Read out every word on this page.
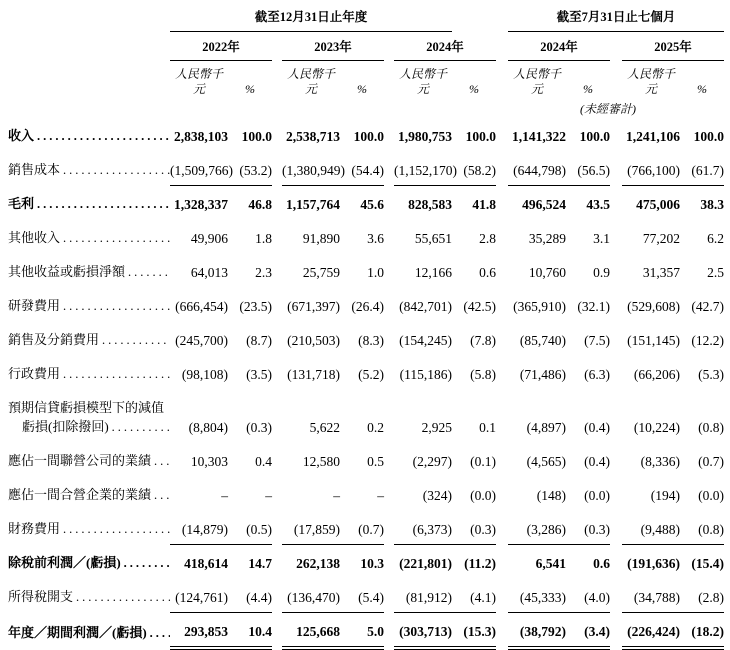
	截至12月31日止年度									截至7月31日止七個月				

	2022年			2023年			2024年			2024年			2025年	
	人民幣千元	%		人民幣千元	%		人民幣千元	%		人民幣千元	%		人民幣千元	%
										(未經審計)				

收入
.....	2,838,103	100.0		2,538,713	100.0		1,980,753	100.0		1,141,322	100.0		1,241,106	100.0

銷售成本
.....	(1,509,766)	(53.2)		(1,380,949)	(54.4)		(1,152,170)	(58.2)		(644,798)	(56.5)		(766,100)	(61.7)

毛利
.....	1,328,337	46.8		1,157,764	45.6		828,583	41.8		496,524	43.5		475,006	38.3

其他收入
.....	49,906	1.8		91,890	3.6		55,651	2.8		35,289	3.1		77,202	6.2

其他收益或虧損淨額
.....	64,013	2.3		25,759	1.0		12,166	0.6		10,760	0.9		31,357	2.5

研發費用
.....	(666,454)	(23.5)		(671,397)	(26.4)		(842,701)	(42.5)		(365,910)	(32.1)		(529,608)	(42.7)

銷售及分銷費用
.....	(245,700)	(8.7)		(210,503)	(8.3)		(154,245)	(7.8)		(85,740)	(7.5)		(151,145)	(12.2)

行政費用
.....	(98,108)	(3.5)		(131,718)	(5.2)		(115,186)	(5.8)		(71,486)	(6.3)		(66,206)	(5.3)

預期信貸虧損模型下的減值														

虧損(扣除撥回)
.....	(8,804)	(0.3)		5,622	0.2		2,925	0.1		(4,897)	(0.4)		(10,224)	(0.8)

應佔一間聯營公司的業績
.....	10,303	0.4		12,580	0.5		(2,297)	(0.1)		(4,565)	(0.4)		(8,336)	(0.7)

應佔一間合營企業的業績
.....	–	–		–	–		(324)	(0.0)		(148)	(0.0)		(194)	(0.0)

財務費用
.....	(14,879)	(0.5)		(17,859)	(0.7)		(6,373)	(0.3)		(3,286)	(0.3)		(9,488)	(0.8)

除稅前利潤／(虧損)
.....	418,614	14.7		262,138	10.3		(221,801)	(11.2)		6,541	0.6		(191,636)	(15.4)

所得稅開支
.....	(124,761)	(4.4)		(136,470)	(5.4)		(81,912)	(4.1)		(45,333)	(4.0)		(34,788)	(2.8)

年度／期間利潤／(虧損)
.....	293,853	10.4		125,668	5.0		(303,713)	(15.3)		(38,792)	(3.4)		(226,424)	(18.2)
